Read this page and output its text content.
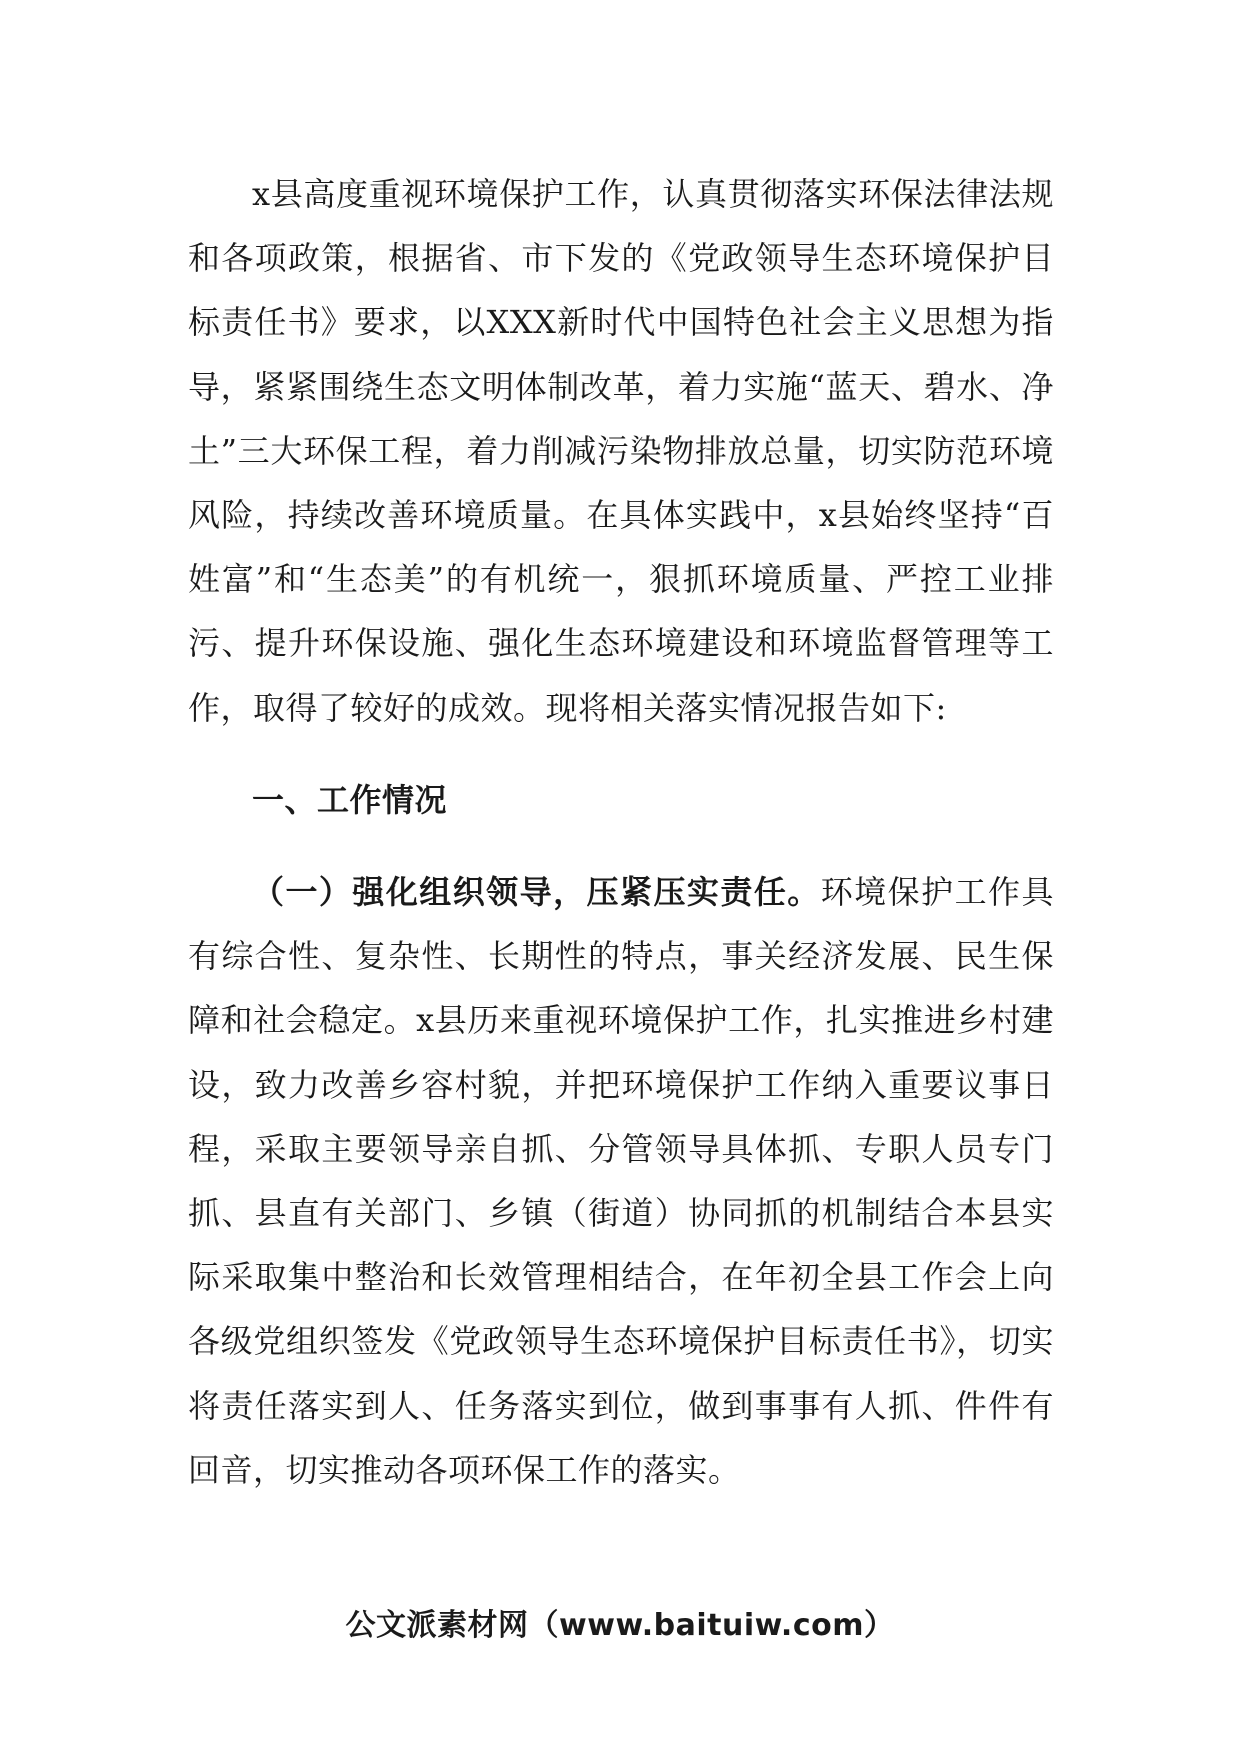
x县高度重视环境保护工作，认真贯彻落实环保法律法规和各项政策，根据省、市下发的《党政领导生态环境保护目标责任书》要求，以XXX新时代中国特色社会主义思想为指导，紧紧围绕生态文明体制改革，着力实施“蓝天、碧水、净土”三大环保工程，着力削减污染物排放总量，切实防范环境风险，持续改善环境质量。在具体实践中，x县始终坚持“百姓富”和“生态美”的有机统一，狠抓环境质量、严控工业排污、提升环保设施、强化生态环境建设和环境监督管理等工作，取得了较好的成效。现将相关落实情况报告如下:

一、工作情况

（一）强化组织领导，压紧压实责任。环境保护工作具有综合性、复杂性、长期性的特点，事关经济发展、民生保障和社会稳定。x县历来重视环境保护工作，扎实推进乡村建设，致力改善乡容村貌，并把环境保护工作纳入重要议事日程，采取主要领导亲自抓、分管领导具体抓、专职人员专门抓、县直有关部门、乡镇（街道）协同抓的机制结合本县实际采取集中整治和长效管理相结合，在年初全县工作会上向各级党组织签发《党政领导生态环境保护目标责任书》，切实将责任落实到人、任务落实到位，做到事事有人抓、件件有回音，切实推动各项环保工作的落实。

公文派素材网（www.baituiw.com）
